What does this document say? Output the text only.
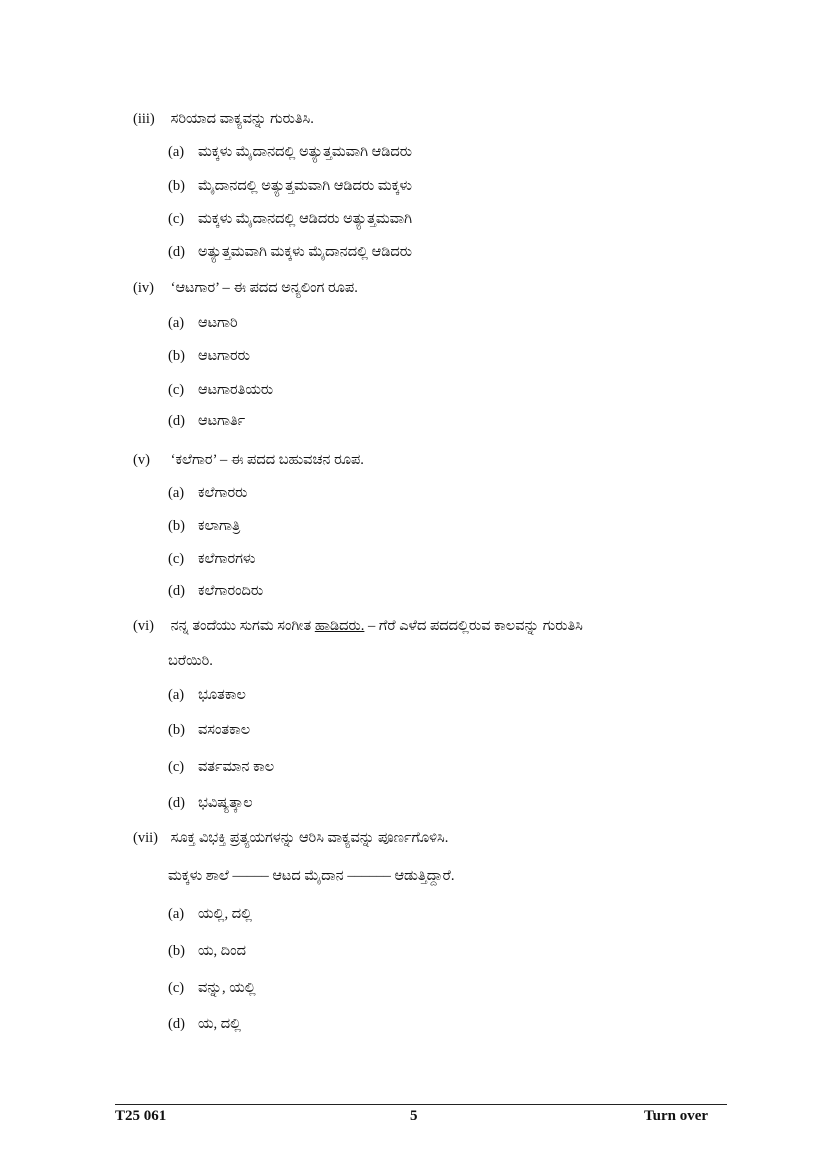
(iii) ಸರಿಯಾದ ವಾಕ್ಯವನ್ನು ಗುರುತಿಸಿ.
(a) ಮಕ್ಕಳು ಮೈದಾನದಲ್ಲಿ ಅತ್ಯುತ್ತಮವಾಗಿ ಆಡಿದರು
(b) ಮೈದಾನದಲ್ಲಿ ಅತ್ಯುತ್ತಮವಾಗಿ ಆಡಿದರು ಮಕ್ಕಳು
(c) ಮಕ್ಕಳು ಮೈದಾನದಲ್ಲಿ ಆಡಿದರು ಅತ್ಯುತ್ತಮವಾಗಿ
(d) ಅತ್ಯುತ್ತಮವಾಗಿ ಮಕ್ಕಳು ಮೈದಾನದಲ್ಲಿ ಆಡಿದರು
(iv) ‘ಆಟಗಾರ’ – ಈ ಪದದ ಅನ್ಯಲಿಂಗ ರೂಪ.
(a) ಆಟಗಾರಿ
(b) ಆಟಗಾರರು
(c) ಆಟಗಾರತಿಯರು
(d) ಆಟಗಾರ್ತಿ
(v) ‘ಕಲೆಗಾರ’ – ಈ ಪದದ ಬಹುವಚನ ರೂಪ.
(a) ಕಲೆಗಾರರು
(b) ಕಲಾಗಾತ್ರಿ
(c) ಕಲೆಗಾರಗಳು
(d) ಕಲೆಗಾರಂದಿರು
(vi) ನನ್ನ ತಂದೆಯು ಸುಗಮ ಸಂಗೀತ ಹಾಡಿದರು. – ಗೆರೆ ಎಳೆದ ಪದದಲ್ಲಿರುವ ಕಾಲವನ್ನು ಗುರುತಿಸಿ
ಬರೆಯಿರಿ.
(a) ಭೂತಕಾಲ
(b) ವಸಂತಕಾಲ
(c) ವರ್ತಮಾನ ಕಾಲ
(d) ಭವಿಷ್ಯತ್ಕಾಲ
(vii) ಸೂಕ್ತ ವಿಭಕ್ತಿ ಪ್ರತ್ಯಯಗಳನ್ನು ಆರಿಸಿ ವಾಕ್ಯವನ್ನು ಪೂರ್ಣಗೊಳಿಸಿ.
ಮಕ್ಕಳು ಶಾಲೆ ––––– ಆಟದ ಮೈದಾನ –––––– ಆಡುತ್ತಿದ್ದಾರೆ.
(a) ಯಲ್ಲಿ, ದಲ್ಲಿ
(b) ಯ, ದಿಂದ
(c) ವನ್ನು, ಯಲ್ಲಿ
(d) ಯ, ದಲ್ಲಿ
T25 061	5	Turn over
